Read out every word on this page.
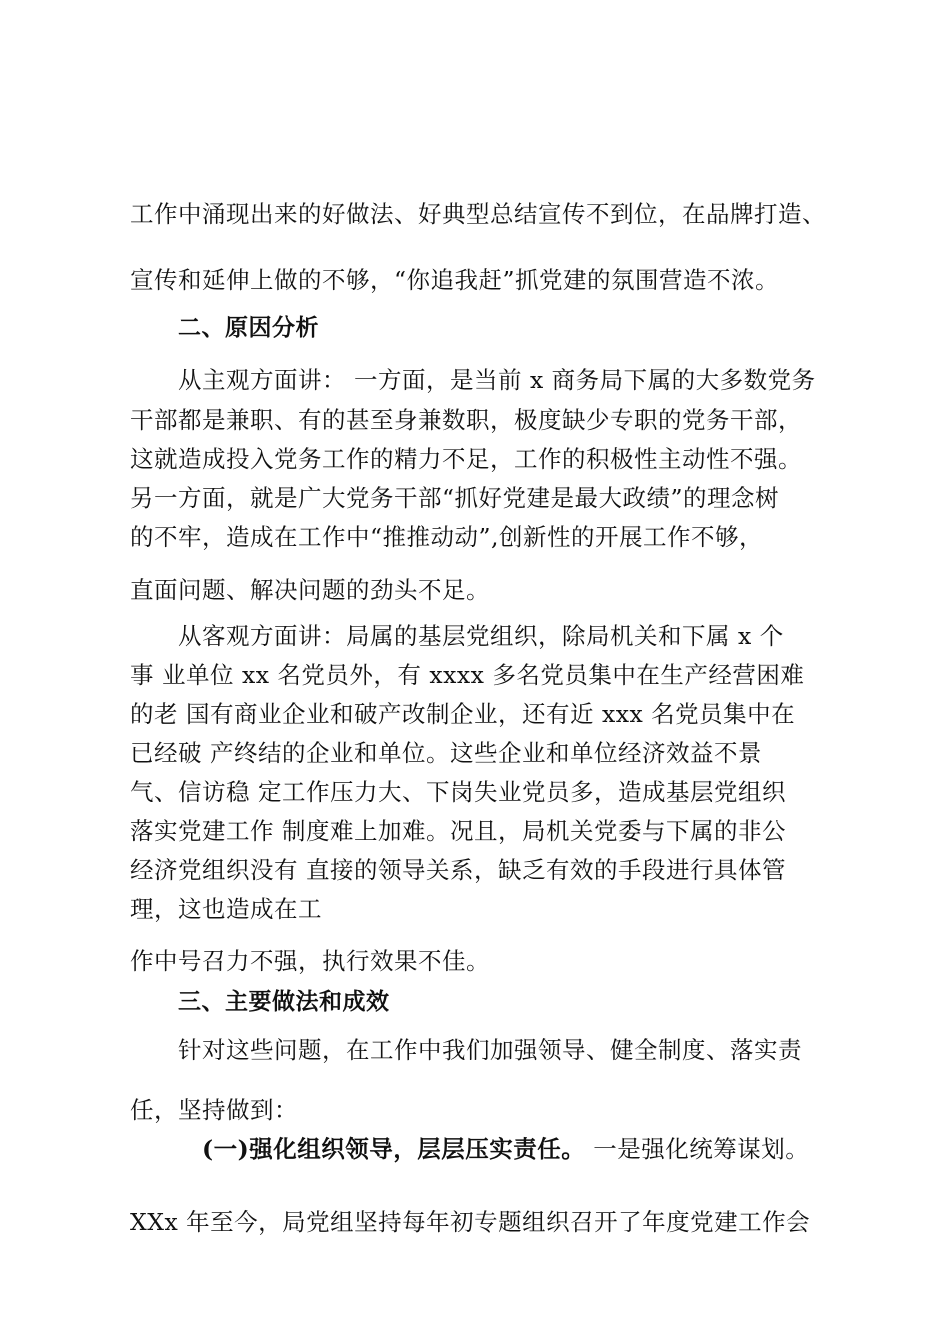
工作中涌现出来的好做法、好典型总结宣传不到位，在品牌打造、
宣传和延伸上做的不够，“你追我赶”抓党建的氛围营造不浓。
二、原因分析
从主观方面讲： 一方面，是当前 x 商务局下属的大多数党务
干部都是兼职、有的甚至身兼数职，极度缺少专职的党务干部，
这就造成投入党务工作的精力不足，工作的积极性主动性不强。
另一方面，就是广大党务干部“抓好党建是最大政绩”的理念树
的不牢，造成在工作中“推推动动”,创新性的开展工作不够，
直面问题、解决问题的劲头不足。
从客观方面讲：局属的基层党组织，除局机关和下属 x 个
事 业单位 xx 名党员外，有 xxxx 多名党员集中在生产经营困难
的老 国有商业企业和破产改制企业，还有近 xxx 名党员集中在
已经破 产终结的企业和单位。这些企业和单位经济效益不景
气、信访稳 定工作压力大、下岗失业党员多，造成基层党组织
落实党建工作 制度难上加难。况且，局机关党委与下属的非公
经济党组织没有 直接的领导关系，缺乏有效的手段进行具体管
理，这也造成在工
作中号召力不强，执行效果不佳。
三、主要做法和成效
针对这些问题，在工作中我们加强领导、健全制度、落实责
任，坚持做到：
(一)强化组织领导，层层压实责任。 一是强化统筹谋划。
XXx 年至今，局党组坚持每年初专题组织召开了年度党建工作会
